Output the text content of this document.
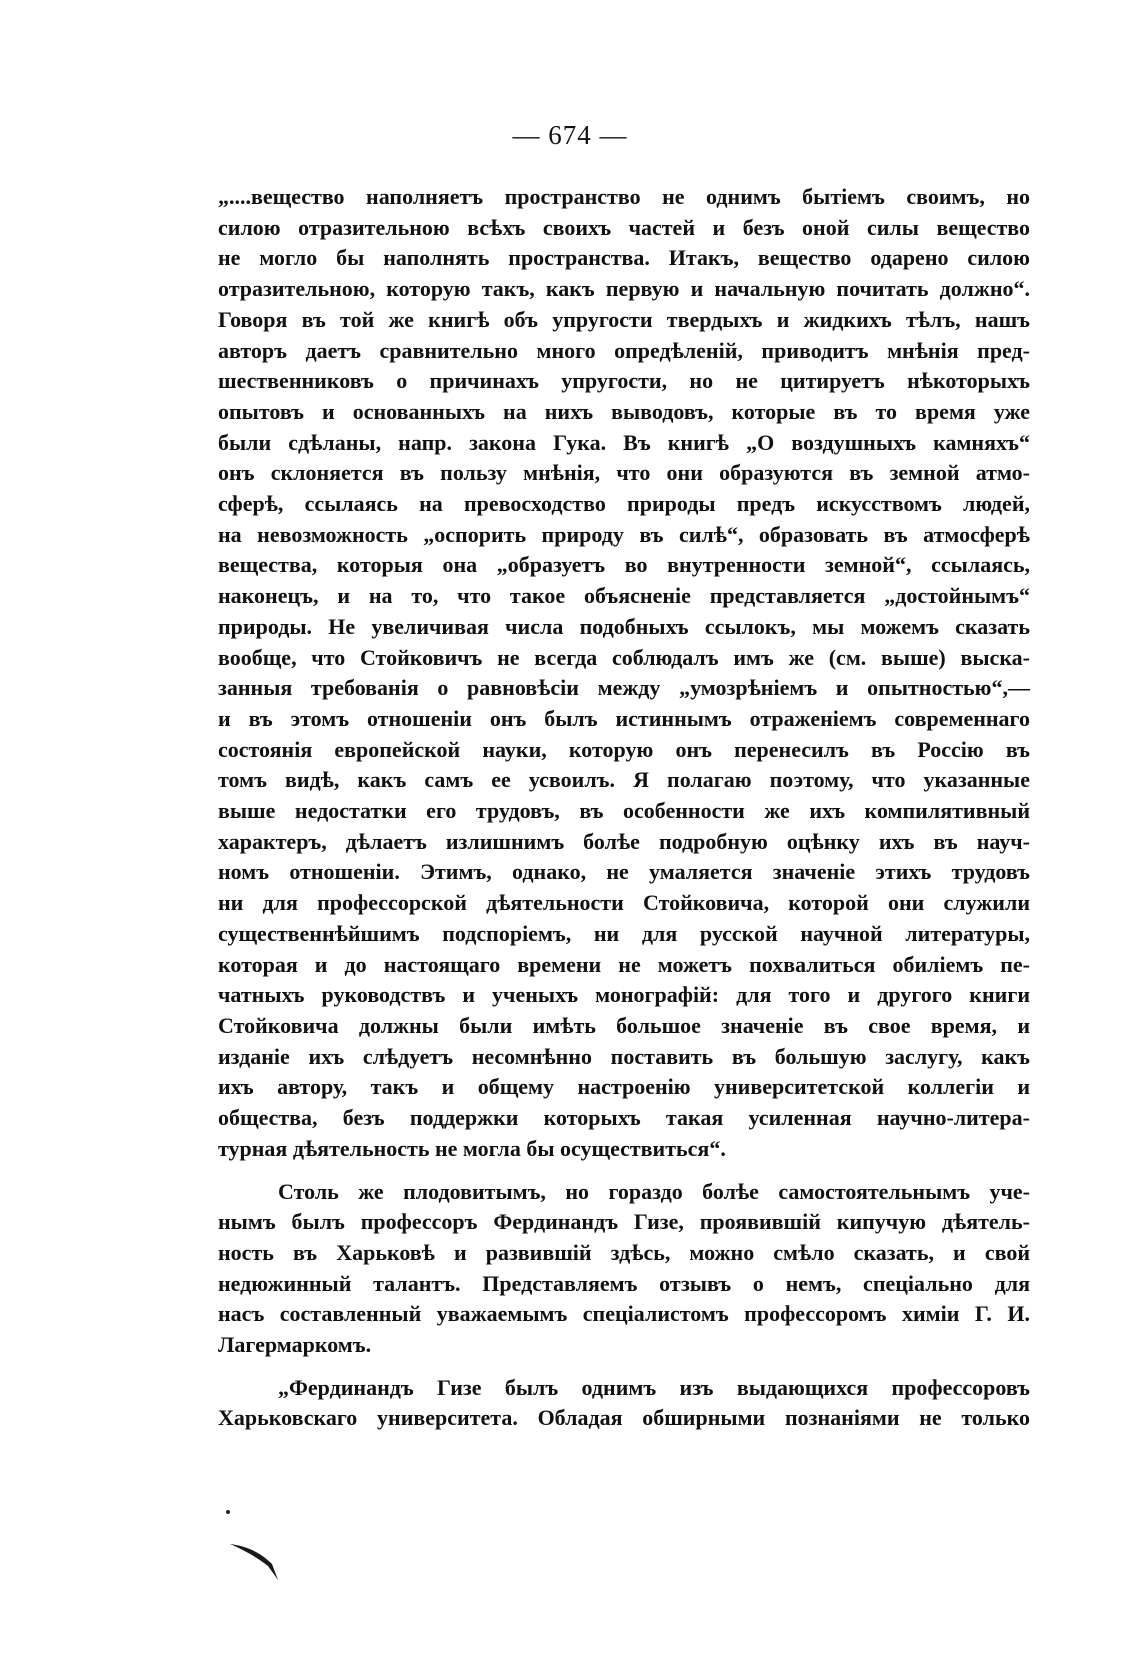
— 674 —

„....вещество наполняетъ пространство не однимъ бытіемъ своимъ, но

силою отразительною всѣхъ своихъ частей и безъ оной силы вещество

не могло бы наполнять пространства. Итакъ, вещество одарено силою

отразительною, которую такъ, какъ первую и начальную почитать должно“.

Говоря въ той же книгѣ объ упругости твердыхъ и жидкихъ тѣлъ, нашъ

авторъ даетъ сравнительно много опредѣленій, приводитъ мнѣнія пред-

шественниковъ о причинахъ упругости, но не цитируетъ нѣкоторыхъ

опытовъ и основанныхъ на нихъ выводовъ, которые въ то время уже

были сдѣланы, напр. закона Гука. Въ книгѣ „О воздушныхъ камняхъ“

онъ склоняется въ пользу мнѣнія, что они образуются въ земной атмо-

сферѣ, ссылаясь на превосходство природы предъ искусствомъ людей,

на невозможность „оспорить природу въ силѣ“, образовать въ атмосферѣ

вещества, которыя она „образуетъ во внутренности земной“, ссылаясь,

наконецъ, и на то, что такое объясненіе представляется „достойнымъ“

природы. Не увеличивая числа подобныхъ ссылокъ, мы можемъ сказать

вообще, что Стойковичъ не всегда соблюдалъ имъ же (см. выше) выска-

занныя требованія о равновѣсіи между „умозрѣніемъ и опытностью“,—

и въ этомъ отношеніи онъ былъ истиннымъ отраженіемъ современнаго

состоянія европейской науки, которую онъ перенесилъ въ Россію въ

томъ видѣ, какъ самъ ее усвоилъ. Я полагаю поэтому, что указанные

выше недостатки его трудовъ, въ особенности же ихъ компилятивный

характеръ, дѣлаетъ излишнимъ болѣе подробную оцѣнку ихъ въ науч-

номъ отношеніи. Этимъ, однако, не умаляется значеніе этихъ трудовъ

ни для профессорской дѣятельности Стойковича, которой они служили

существеннѣйшимъ подспоріемъ, ни для русской научной литературы,

которая и до настоящаго времени не можетъ похвалиться обиліемъ пе-

чатныхъ руководствъ и ученыхъ монографій: для того и другого книги

Стойковича должны были имѣть большое значеніе въ свое время, и

изданіе ихъ слѣдуетъ несомнѣнно поставить въ большую заслугу, какъ

ихъ автору, такъ и общему настроенію университетской коллегіи и

общества, безъ поддержки которыхъ такая усиленная научно-литера-

турная дѣятельность не могла бы осуществиться“.

Столь же плодовитымъ, но гораздо болѣе самостоятельнымъ уче-

нымъ былъ профессоръ Фердинандъ Гизе, проявившій кипучую дѣятель-

ность въ Харьковѣ и развившій здѣсь, можно смѣло сказать, и свой

недюжинный талантъ. Представляемъ отзывъ о немъ, спеціально для

насъ составленный уважаемымъ спеціалистомъ профессоромъ химіи Г. И.

Лагермаркомъ.

„Фердинандъ Гизе былъ однимъ изъ выдающихся профессоровъ

Харьковскаго университета. Обладая обширными познаніями не только
